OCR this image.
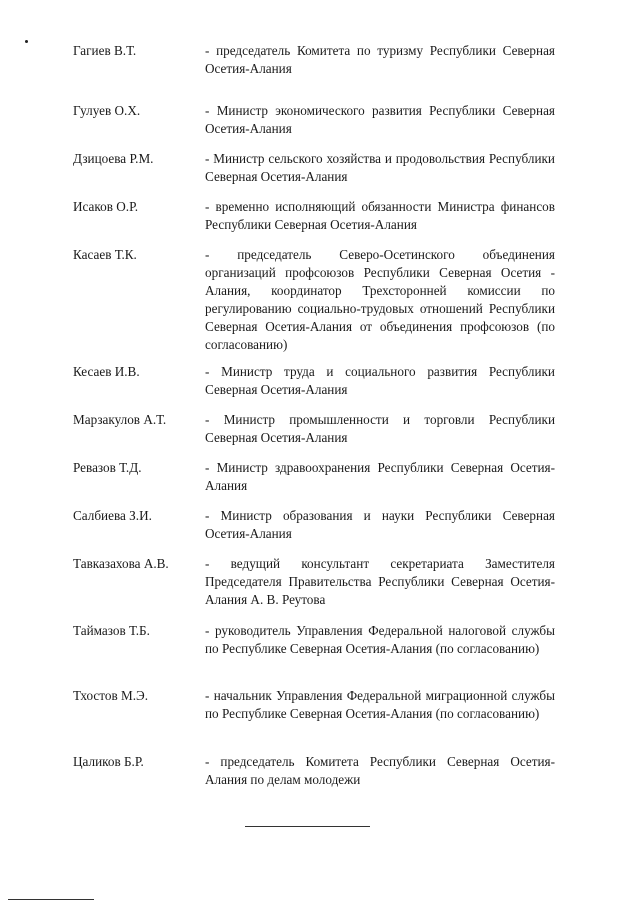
Гагиев В.Т.	- председатель Комитета по туризму Республики Северная Осетия-Алания
Гулуев О.Х.	- Министр экономического развития Республики Северная Осетия-Алания
Дзицоева Р.М.	- Министр сельского хозяйства и продовольствия Республики Северная Осетия-Алания
Исаков О.Р.	- временно исполняющий обязанности Министра финансов Республики Северная Осетия-Алания
Касаев Т.К.	- председатель Северо-Осетинского объединения организаций профсоюзов Республики Северная Осетия - Алания, координатор Трехсторонней комиссии по регулированию социально-трудовых отношений Республики Северная Осетия-Алания от объединения профсоюзов (по согласованию)
Кесаев И.В.	- Министр труда и социального развития Республики Северная Осетия-Алания
Марзакулов А.Т.	- Министр промышленности и торговли Республики Северная Осетия-Алания
Ревазов Т.Д.	- Министр здравоохранения Республики Северная Осетия-Алания
Салбиева З.И.	- Министр образования и науки Республики Северная Осетия-Алания
Тавказахова А.В.	- ведущий консультант секретариата Заместителя Председателя Правительства Республики Северная Осетия-Алания А. В. Реутова
Таймазов Т.Б.	- руководитель Управления Федеральной налоговой службы по Республике Северная Осетия-Алания (по согласованию)
Тхостов М.Э.	- начальник Управления Федеральной миграционной службы по Республике Северная Осетия-Алания (по согласованию)
Цаликов Б.Р.	- председатель Комитета Республики Северная Осетия-Алания по делам молодежи
